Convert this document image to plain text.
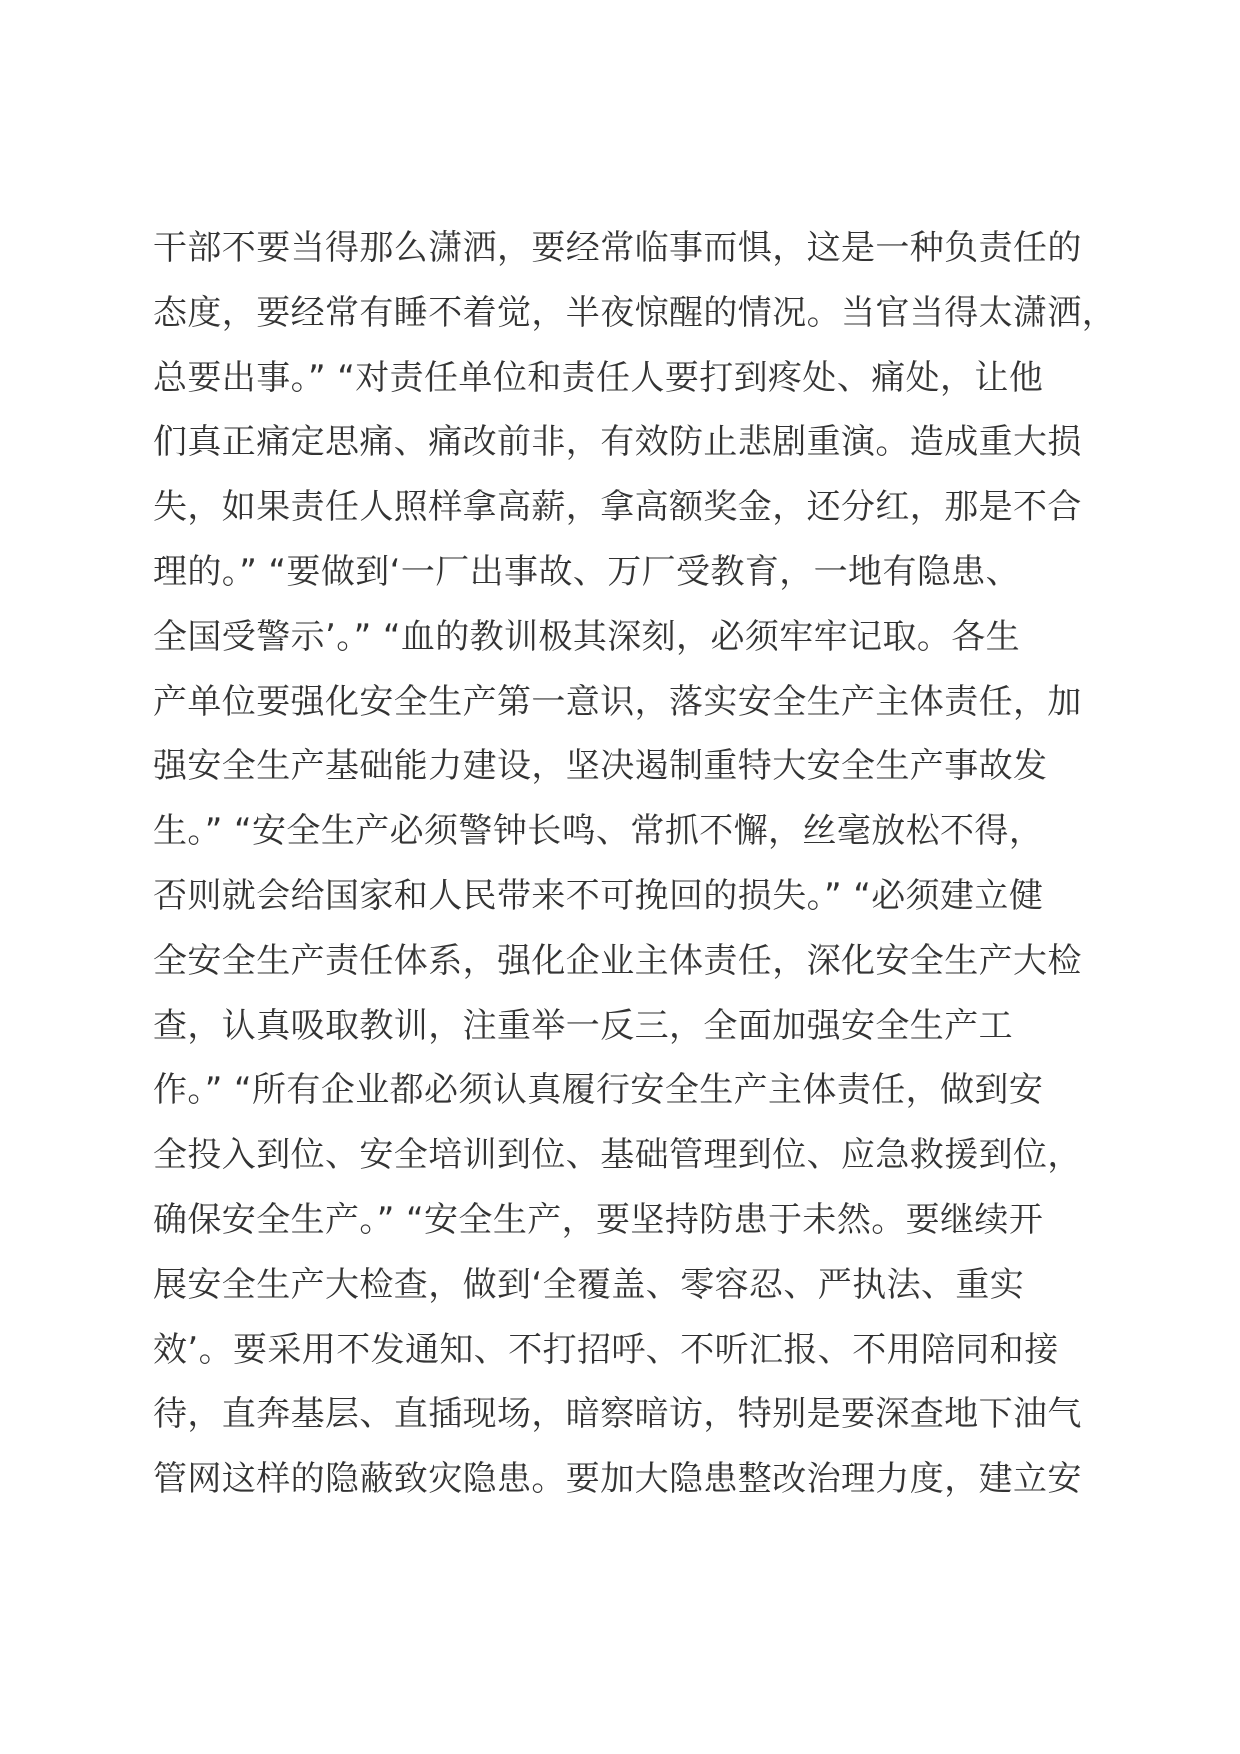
干部不要当得那么潇洒，要经常临事而惧，这是一种负责任的
态度，要经常有睡不着觉，半夜惊醒的情况。当官当得太潇洒，
总要出事。” “对责任单位和责任人要打到疼处、痛处，让他
们真正痛定思痛、痛改前非，有效防止悲剧重演。造成重大损
失，如果责任人照样拿高薪，拿高额奖金，还分红，那是不合
理的。” “要做到‘一厂出事故、万厂受教育，一地有隐患、
全国受警示’。” “血的教训极其深刻，必须牢牢记取。各生
产单位要强化安全生产第一意识，落实安全生产主体责任，加
强安全生产基础能力建设，坚决遏制重特大安全生产事故发
生。” “安全生产必须警钟长鸣、常抓不懈，丝毫放松不得，
否则就会给国家和人民带来不可挽回的损失。” “必须建立健
全安全生产责任体系，强化企业主体责任，深化安全生产大检
查，认真吸取教训，注重举一反三，全面加强安全生产工
作。” “所有企业都必须认真履行安全生产主体责任，做到安
全投入到位、安全培训到位、基础管理到位、应急救援到位，
确保安全生产。” “安全生产，要坚持防患于未然。要继续开
展安全生产大检查，做到‘全覆盖、零容忍、严执法、重实
效’。要采用不发通知、不打招呼、不听汇报、不用陪同和接
待，直奔基层、直插现场，暗察暗访，特别是要深查地下油气
管网这样的隐蔽致灾隐患。要加大隐患整改治理力度，建立安
